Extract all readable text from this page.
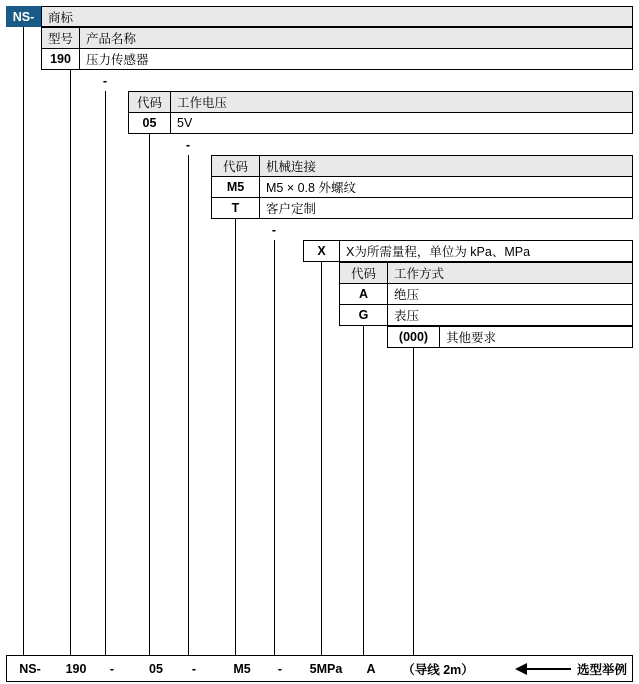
NS-	商标
型号	产品名称
190	压力传感器
-
代码	工作电压
05	5V
-
代码	机械连接
M5	M5 × 0.8 外螺纹
T	客户定制
-
X	X为所需量程，单位为 kPa、MPa
代码	工作方式
A	绝压
G	表压
(000)	其他要求
NS-	190	-	05	-	M5	-	5MPa	A	（导线 2m）	选型举例
